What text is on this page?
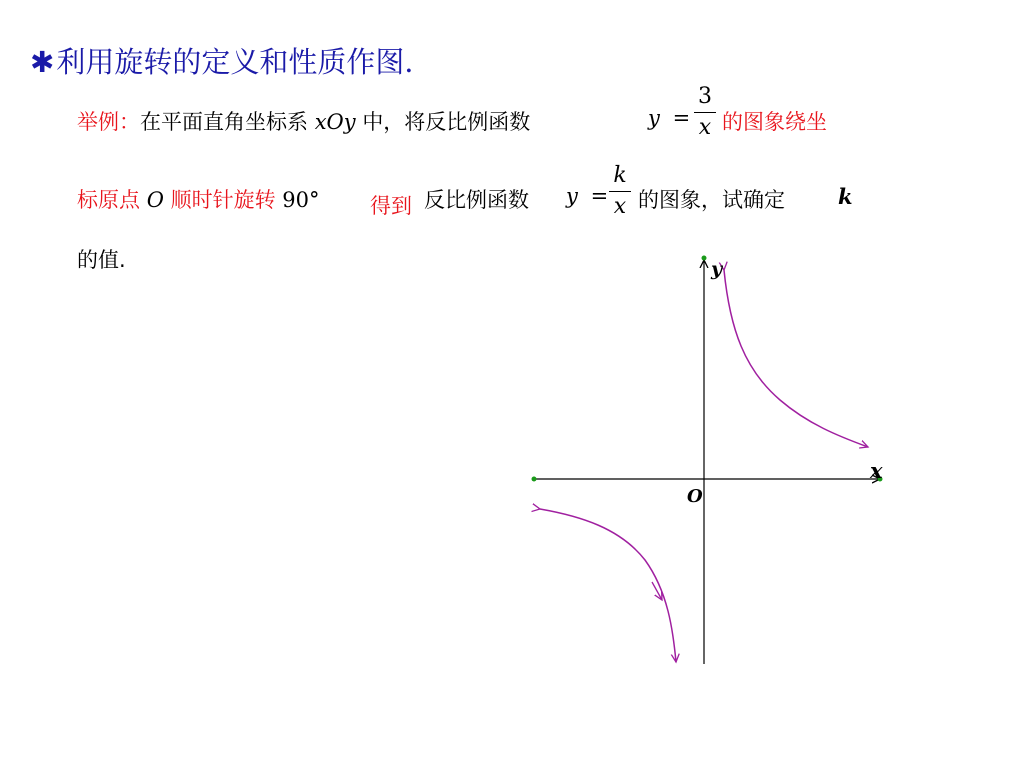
✱利用旋转的定义和性质作图．
举例：在平面直角坐标系 xOy 中，将反比例函数	y =
3
x 的图象绕坐
标原点 O 顺时针旋转 90° 得到 反比例函数 y =
k
x 的图象，试确定	k
的值.	y
x
O
